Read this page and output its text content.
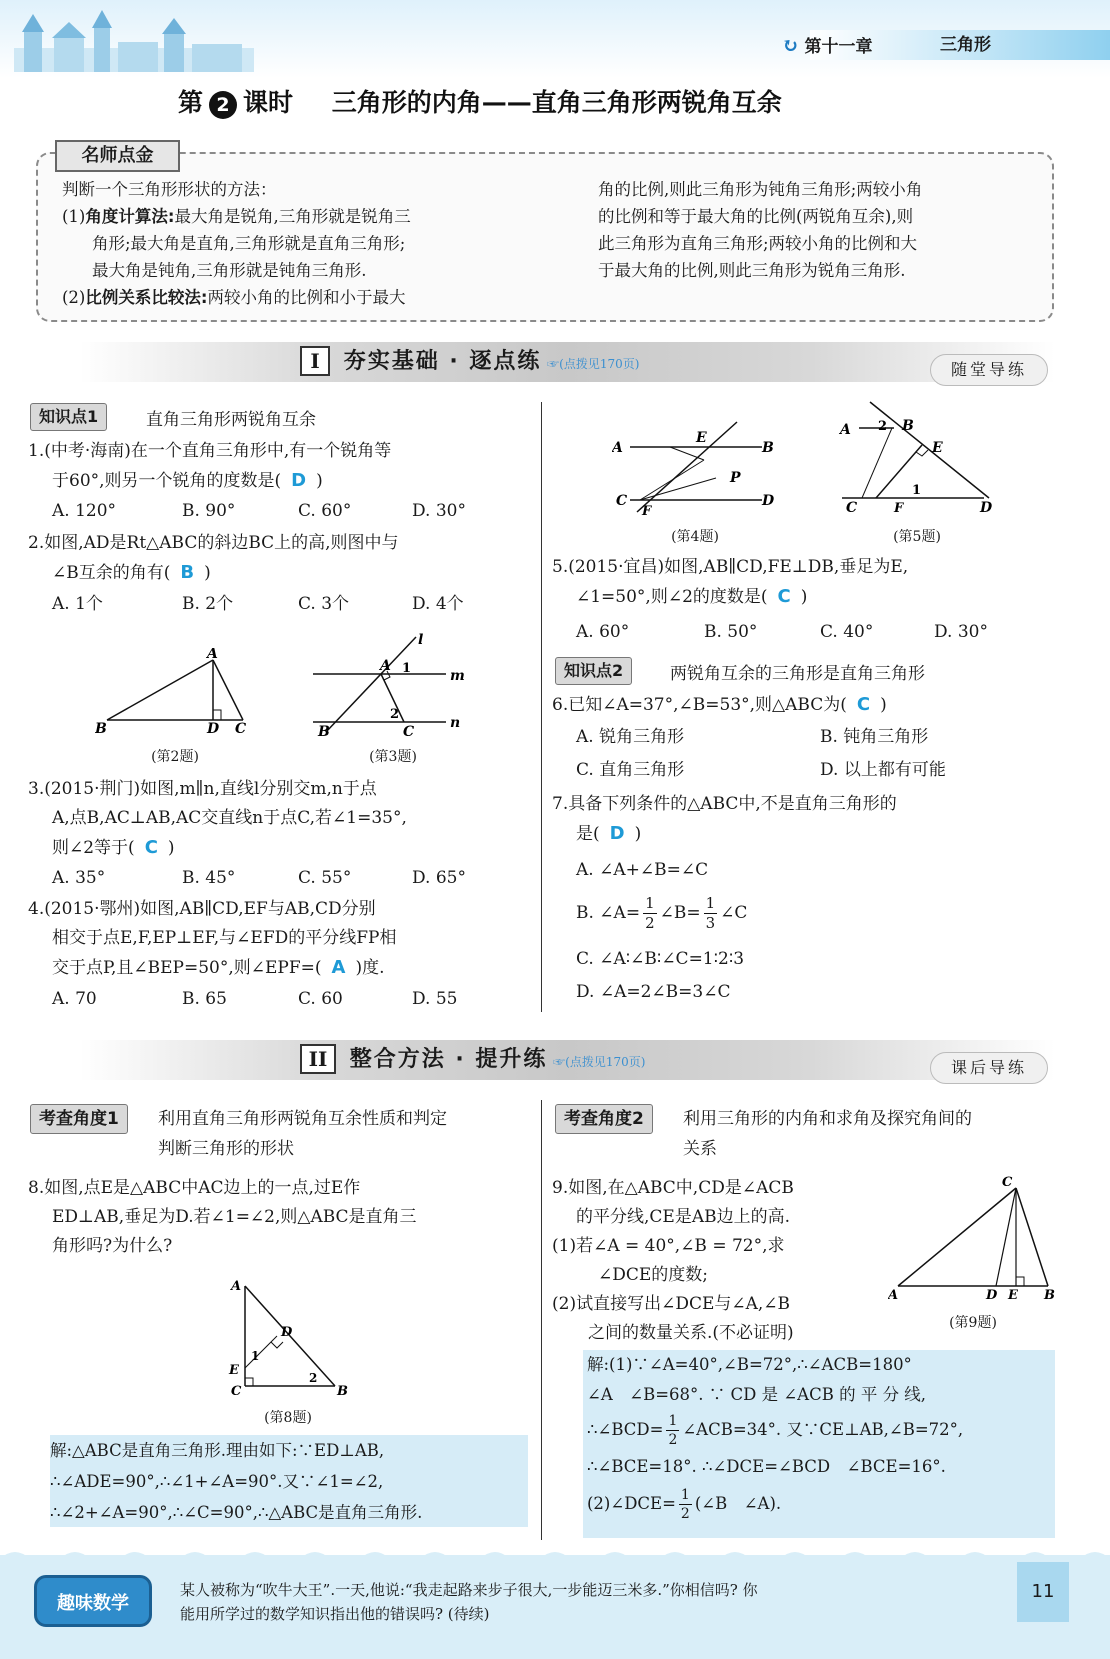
↻ 第十一章	三角形
第 2 课时 三角形的内角——直角三角形两锐角互余
名师点金
判断一个三角形形状的方法：
(1)角度计算法:最大角是锐角,三角形就是锐角三
角形;最大角是直角,三角形就是直角三角形;
最大角是钝角,三角形就是钝角三角形.
(2)比例关系比较法:两较小角的比例和小于最大
角的比例,则此三角形为钝角三角形;两较小角
的比例和等于最大角的比例(两锐角互余),则
此三角形为直角三角形;两较小角的比例和大
于最大角的比例,则此三角形为锐角三角形.
I 夯实基础 · 逐点练 ☞(点拨见170页)	随堂导练
知识点1	直角三角形两锐角互余
1.(中考·海南)在一个直角三角形中,有一个锐角等
于60°,则另一个锐角的度数是( D )
A. 120°	B. 90°	C. 60°	D. 30°
2.如图,AD是Rt△ABC的斜边BC上的高,则图中与
∠B互余的角有( B )
A. 1个	B. 2个	C. 3个	D. 4个
A
B	D C
(第2题)
l
m
n
A 1
2
B	C
(第3题)
3.(2015·荆门)如图,m∥n,直线l分别交m,n于点
A,点B,AC⊥AB,AC交直线n于点C,若∠1=35°,
则∠2等于( C )
A. 35°	B. 45°	C. 55°	D. 65°
4.(2015·鄂州)如图,AB∥CD,EF与AB,CD分别
相交于点E,F,EP⊥EF,与∠EFD的平分线FP相
交于点P,且∠BEP=50°,则∠EPF=( A )度.
A. 70	B. 65	C. 60	D. 55
A	B
E
P
C	D
F
(第4题)
A 2 B
E
1
C	F	D
(第5题)
5.(2015·宜昌)如图,AB∥CD,FE⊥DB,垂足为E,
∠1=50°,则∠2的度数是( C )
A. 60°	B. 50°	C. 40°	D. 30°
知识点2	两锐角互余的三角形是直角三角形
6.已知∠A=37°,∠B=53°,则△ABC为( C )
A. 锐角三角形	B. 钝角三角形
C. 直角三角形	D. 以上都有可能
7.具备下列条件的△ABC中,不是直角三角形的
是( D )
A. ∠A+∠B=∠C
B. ∠A= $\frac{1}{2}$ ∠B= $\frac{1}{3}$ ∠C
C. ∠A∶∠B∶∠C=1∶2∶3
D. ∠A=2∠B=3∠C
II 整合方法 · 提升练 ☞(点拨见170页)	课后导练
考查角度1	利用直角三角形两锐角互余性质和判定
判断三角形的形状
8.如图,点E是△ABC中AC边上的一点,过E作
ED⊥AB,垂足为D.若∠1=∠2,则△ABC是直角三
角形吗?为什么?
A
D
1
E	2
C	B
(第8题)
解:△ABC是直角三角形.理由如下:∵ED⊥AB,
∴∠ADE=90°,∴∠1+∠A=90°.又∵∠1=∠2,
∴∠2+∠A=90°,∴∠C=90°,∴△ABC是直角三角形.
考查角度2	利用三角形的内角和求角及探究角间的
关系
9.如图,在△ABC中,CD是∠ACB
的平分线,CE是AB边上的高.
(1)若∠A = 40°,∠B = 72°,求
∠DCE的度数;
(2)试直接写出∠DCE与∠A,∠B
之间的数量关系.(不必证明)
C
A	D E B
(第9题)
解:(1)∵∠A=40°,∠B=72°,∴∠ACB=180°
∠A　∠B=68°. ∵ CD 是 ∠ACB 的 平 分 线,
∴∠BCD= $\frac{1}{2}$ ∠ACB=34°. 又∵CE⊥AB,∠B=72°,
∴∠BCE=18°. ∴∠DCE=∠BCD　∠BCE=16°.
(2)∠DCE= $\frac{1}{2}$ (∠B　∠A).
趣味数学
某人被称为“吹牛大王”.一天,他说:“我走起路来步子很大,一步能迈三米多.”你相信吗? 你
能用所学过的数学知识指出他的错误吗? (待续)
11
